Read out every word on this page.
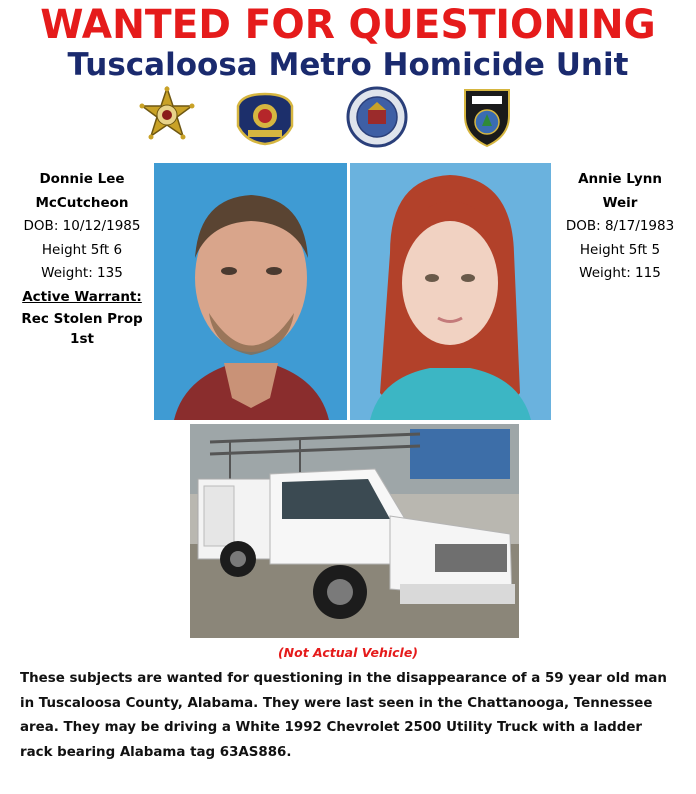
WANTED FOR QUESTIONING
Tuscaloosa Metro Homicide Unit
Donnie Lee
McCutcheon
DOB: 10/12/1985
Height 5ft 6
Weight: 135
Active Warrant:
Rec Stolen Prop
1st
Annie Lynn
Weir
DOB: 8/17/1983
Height 5ft 5
Weight: 115
(Not Actual Vehicle)
These subjects are wanted for questioning in the disappearance of a 59 year old man
in Tuscaloosa County, Alabama. They were last seen in the Chattanooga, Tennessee
area. They may be driving a White 1992 Chevrolet 2500 Utility Truck with a ladder
rack bearing Alabama tag 63AS886.
